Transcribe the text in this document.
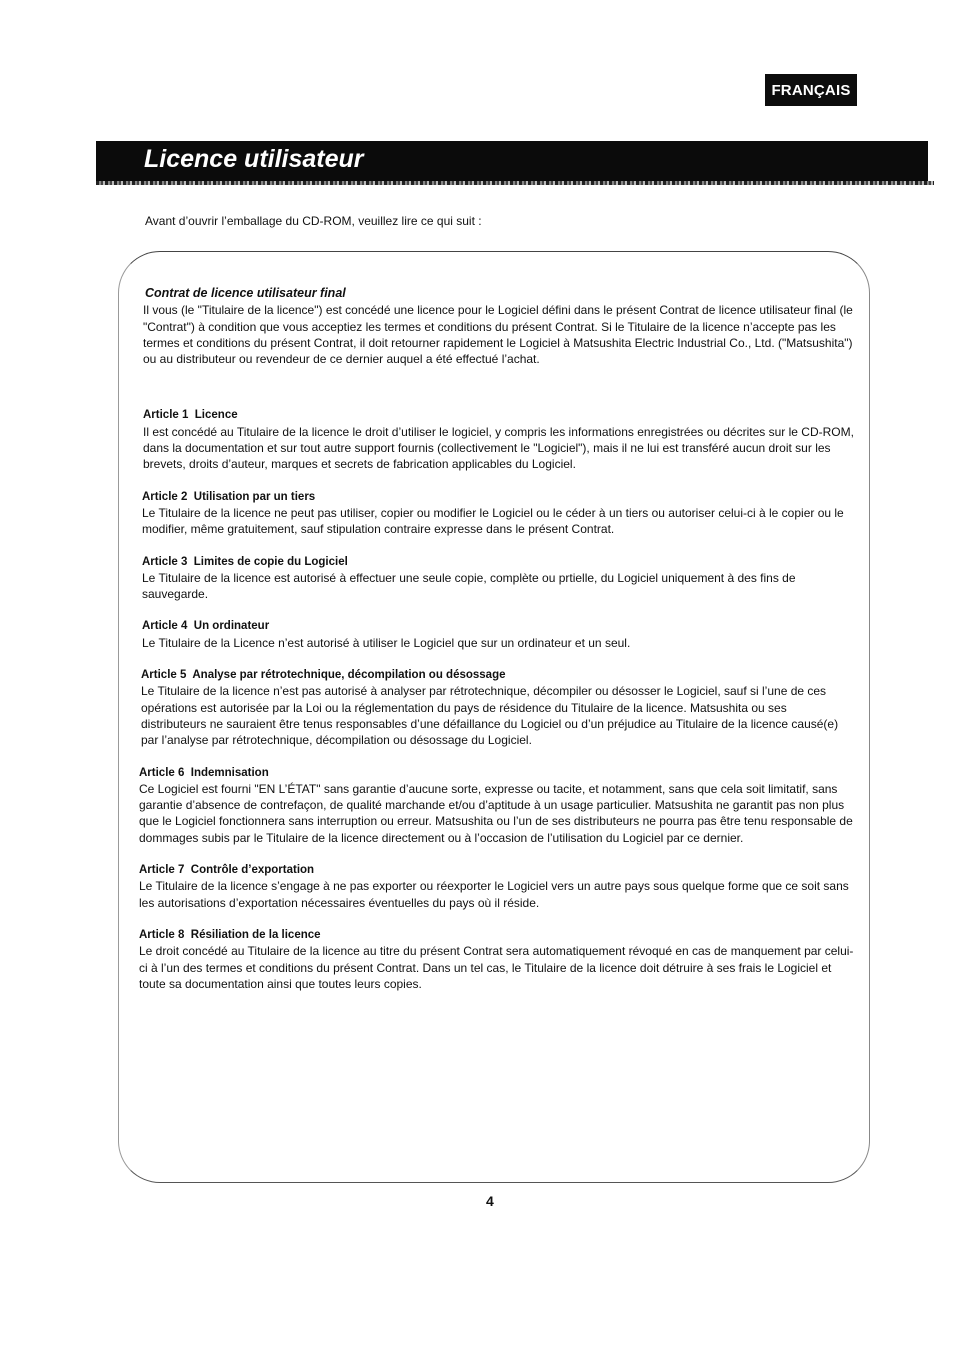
FRANÇAIS
Licence utilisateur
Avant d’ouvrir l’emballage du CD-ROM, veuillez lire ce qui suit :
Contrat de licence utilisateur final

Il vous (le "Titulaire de la licence") est concédé une licence pour le Logiciel défini dans le présent Contrat de licence utilisateur final (le "Contrat") à condition que vous acceptiez les termes et conditions du présent Contrat. Si le Titulaire de la licence n’accepte pas les termes et conditions du présent Contrat, il doit retourner rapidement le Logiciel à Matsushita Electric Industrial Co., Ltd. ("Matsushita") ou au distributeur ou revendeur de ce dernier auquel a été effectué l’achat.

Article 1 Licence

Il est concédé au Titulaire de la licence le droit d’utiliser le logiciel, y compris les informations enregistrées ou décrites sur le CD-ROM, dans la documentation et sur tout autre support fournis (collectivement le "Logiciel"), mais il ne lui est transféré aucun droit sur les brevets, droits d’auteur, marques et secrets de fabrication applicables du Logiciel.

Article 2 Utilisation par un tiers

Le Titulaire de la licence ne peut pas utiliser, copier ou modifier le Logiciel ou le céder à un tiers ou autoriser celui-ci à le copier ou le modifier, même gratuitement, sauf stipulation contraire expresse dans le présent Contrat.

Article 3 Limites de copie du Logiciel

Le Titulaire de la licence est autorisé à effectuer une seule copie, complète ou prtielle, du Logiciel uniquement à des fins de sauvegarde.

Article 4 Un ordinateur

Le Titulaire de la Licence n’est autorisé à utiliser le Logiciel que sur un ordinateur et un seul.

Article 5 Analyse par rétrotechnique, décompilation ou désossage

Le Titulaire de la licence n’est pas autorisé à analyser par rétrotechnique, décompiler ou désosser le Logiciel, sauf si l’une de ces opérations est autorisée par la Loi ou la réglementation du pays de résidence du Titulaire de la licence. Matsushita ou ses distributeurs ne sauraient être tenus responsables d’une défaillance du Logiciel ou d’un préjudice au Titulaire de la licence causé(e) par l’analyse par rétrotechnique, décompilation ou désossage du Logiciel.

Article 6 Indemnisation

Ce Logiciel est fourni "EN L’ÉTAT" sans garantie d’aucune sorte, expresse ou tacite, et notamment, sans que cela soit limitatif, sans garantie d’absence de contrefaçon, de qualité marchande et/ou d’aptitude à un usage particulier. Matsushita ne garantit pas non plus que le Logiciel fonctionnera sans interruption ou erreur. Matsushita ou l’un de ses distributeurs ne pourra pas être tenu responsable de dommages subis par le Titulaire de la licence directement ou à l’occasion de l’utilisation du Logiciel par ce dernier.

Article 7 Contrôle d’exportation

Le Titulaire de la licence s’engage à ne pas exporter ou réexporter le Logiciel vers un autre pays sous quelque forme que ce soit sans les autorisations d’exportation nécessaires éventuelles du pays où il réside.

Article 8 Résiliation de la licence

Le droit concédé au Titulaire de la licence au titre du présent Contrat sera automatiquement révoqué en cas de manquement par celui-ci à l’un des termes et conditions du présent Contrat. Dans un tel cas, le Titulaire de la licence doit détruire à ses frais le Logiciel et toute sa documentation ainsi que toutes leurs copies.

4
